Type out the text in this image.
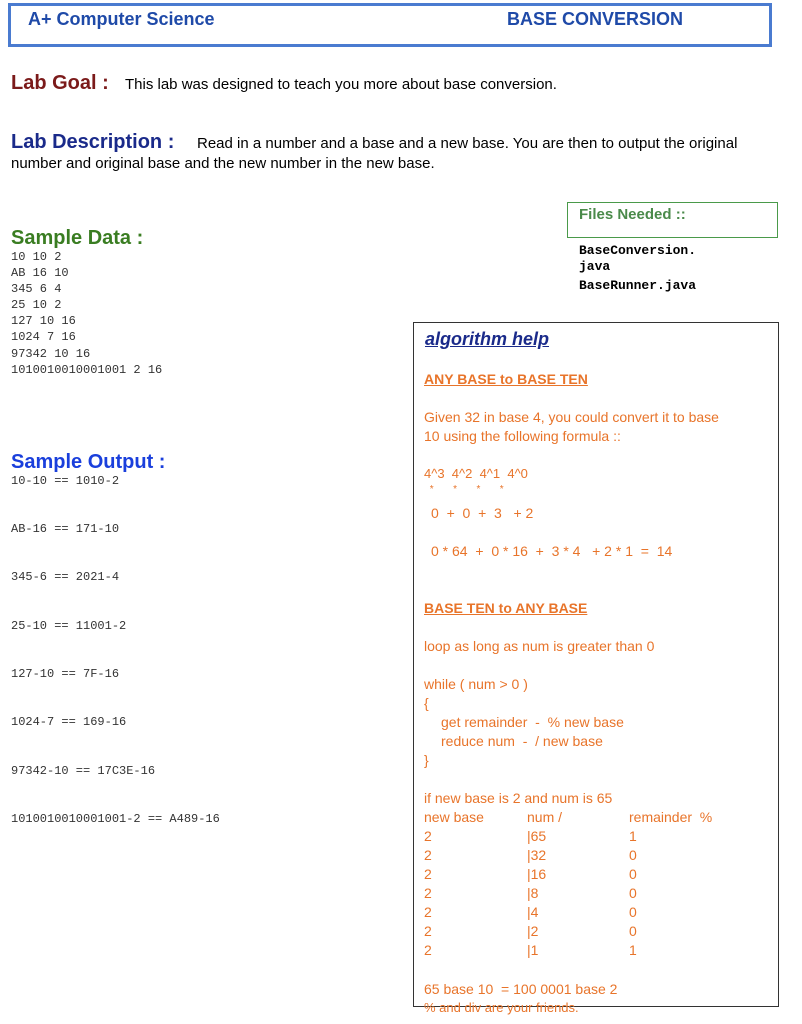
A+ Computer Science	BASE CONVERSION
Lab Goal : This lab was designed to teach you more about base conversion.
Lab Description : Read in a number and a base and a new base. You are then to output the original
number and original base and the new number in the new base.
Sample Data :
10 10 2
AB 16 10
345 6 4
25 10 2
127 10 16
1024 7 16
97342 10 16
1010010010001001 2 16
Sample Output :
10-10 == 1010-2
AB-16 == 171-10
345-6 == 2021-4
25-10 == 11001-2
127-10 == 7F-16
1024-7 == 169-16
97342-10 == 17C3E-16
1010010010001001-2 == A489-16
Files Needed ::
BaseConversion.
java
BaseRunner.java
algorithm help
ANY BASE to BASE TEN
Given 32 in base 4, you could convert it to base
10 using the following formula ::
4^3  4^2  4^1  4^0
*       *       *       *
0  +  0  +  3   + 2
0 * 64  +  0 * 16  +  3 * 4   + 2 * 1  =  14
BASE TEN to ANY BASE
loop as long as num is greater than 0
while ( num > 0 )
{
get remainder  -  % new base
reduce num  -  / new base
}
if new base is 2 and num is 65
new base	num /	remainder  %
2	|65	1
2	|32	0
2	|16	0
2	|8	0
2	|4	0
2	|2	0
2	|1	1
65 base 10  = 100 0001 base 2
% and div are your friends.
